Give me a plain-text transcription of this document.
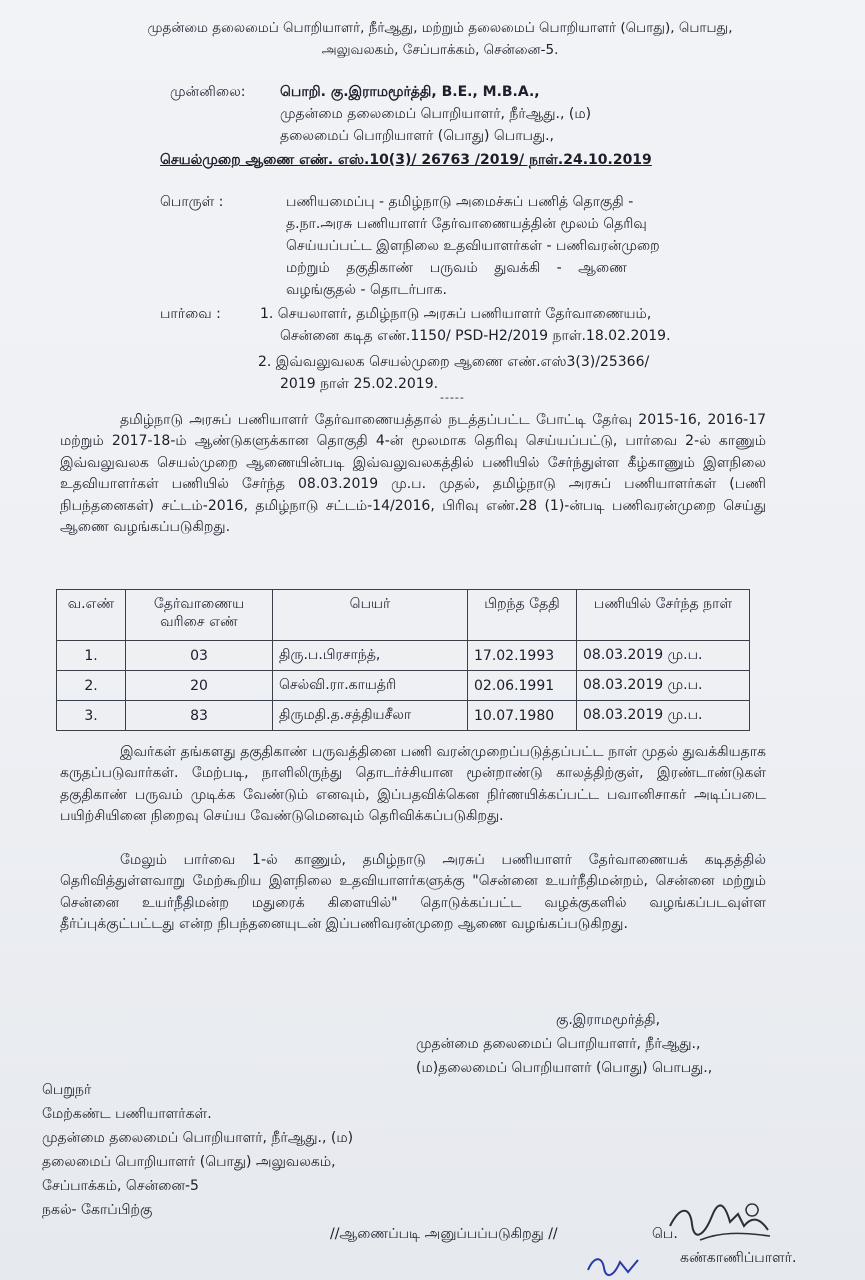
முதன்மை தலைமைப் பொறியாளர், நீர்ஆது, மற்றும் தலைமைப் பொறியாளர் (பொது), பொபது,
அலுவலகம், சேப்பாக்கம், சென்னை-5.
முன்னிலை: பொறி. கு.இராமமூர்த்தி, B.E., M.B.A.,
முதன்மை தலைமைப் பொறியாளர், நீர்ஆது., (ம)
தலைமைப் பொறியாளர் (பொது) பொபது.,
செயல்முறை ஆணை எண். எஸ்.10(3)/ 26763 /2019/ நாள்.24.10.2019
பொருள் :	பணியமைப்பு - தமிழ்நாடு அமைச்சுப் பணித் தொகுதி -
த.நா.அரசு பணியாளர் தேர்வாணையத்தின் மூலம் தெரிவு
செய்யப்பட்ட இளநிலை உதவியாளர்கள் - பணிவரன்முறை
மற்றும் தகுதிகாண் பருவம் துவக்கி - ஆணை
வழங்குதல் - தொடர்பாக.
பார்வை :	1. செயலாளர், தமிழ்நாடு அரசுப் பணியாளர் தேர்வாணையம்,
சென்னை கடித எண்.1150/ PSD-H2/2019 நாள்.18.02.2019.
2. இவ்வலுவலக செயல்முறை ஆணை எண்.எஸ்3(3)/25366/
2019 நாள் 25.02.2019.
-----
தமிழ்நாடு அரசுப் பணியாளர் தேர்வாணையத்தால் நடத்தப்பட்ட போட்டி தேர்வு 2015-16, 2016-17 மற்றும் 2017-18-ம் ஆண்டுகளுக்கான தொகுதி 4-ன் மூலமாக தெரிவு செய்யப்பட்டு, பார்வை 2-ல் காணும் இவ்வலுவலக செயல்முறை ஆணையின்படி இவ்வலுவலகத்தில் பணியில் சேர்ந்துள்ள கீழ்காணும் இளநிலை உதவியாளர்கள் பணியில் சேர்ந்த 08.03.2019 மு.ப. முதல், தமிழ்நாடு அரசுப் பணியாளர்கள் (பணி நிபந்தனைகள்) சட்டம்-2016, தமிழ்நாடு சட்டம்-14/2016, பிரிவு எண்.28 (1)-ன்படி பணிவரன்முறை செய்து ஆணை வழங்கப்படுகிறது.
வ.எண்	தேர்வாணைய வரிசை எண்	பெயர்	பிறந்த தேதி	பணியில் சேர்ந்த நாள்
1.	03	திரு.ப.பிரசாந்த்,	17.02.1993	08.03.2019 மு.ப.
2.	20	செல்வி.ரா.காயத்ரி	02.06.1991	08.03.2019 மு.ப.
3.	83	திருமதி.த.சத்தியசீலா	10.07.1980	08.03.2019 மு.ப.
இவர்கள் தங்களது தகுதிகாண் பருவத்தினை பணி வரன்முறைப்படுத்தப்பட்ட நாள் முதல் துவக்கியதாக கருதப்படுவார்கள். மேற்படி, நாளிலிருந்து தொடர்ச்சியான மூன்றாண்டு காலத்திற்குள், இரண்டாண்டுகள் தகுதிகாண் பருவம் முடிக்க வேண்டும் எனவும், இப்பதவிக்கென நிர்ணயிக்கப்பட்ட பவானிசாகர் அடிப்படை பயிற்சியினை நிறைவு செய்ய வேண்டுமெனவும் தெரிவிக்கப்படுகிறது.
மேலும் பார்வை 1-ல் காணும், தமிழ்நாடு அரசுப் பணியாளர் தேர்வாணையக் கடிதத்தில் தெரிவித்துள்ளவாறு மேற்கூறிய இளநிலை உதவியாளர்களுக்கு "சென்னை உயர்நீதிமன்றம், சென்னை மற்றும் சென்னை உயர்நீதிமன்ற மதுரைக் கிளையில்" தொடுக்கப்பட்ட வழக்குகளில் வழங்கப்படவுள்ள தீர்ப்புக்குட்பட்டது என்ற நிபந்தனையுடன் இப்பணிவரன்முறை ஆணை வழங்கப்படுகிறது.
கு.இராமமூர்த்தி,
முதன்மை தலைமைப் பொறியாளர், நீர்ஆது.,
(ம)தலைமைப் பொறியாளர் (பொது) பொபது.,
பெறுநர்
மேற்கண்ட பணியாளர்கள்.
முதன்மை தலைமைப் பொறியாளர், நீர்ஆது., (ம)
தலைமைப் பொறியாளர் (பொது) அலுவலகம்,
சேப்பாக்கம், சென்னை-5
நகல்- கோப்பிற்கு
//ஆணைப்படி அனுப்பப்படுகிறது //	பெ.
கண்காணிப்பாளர்.
